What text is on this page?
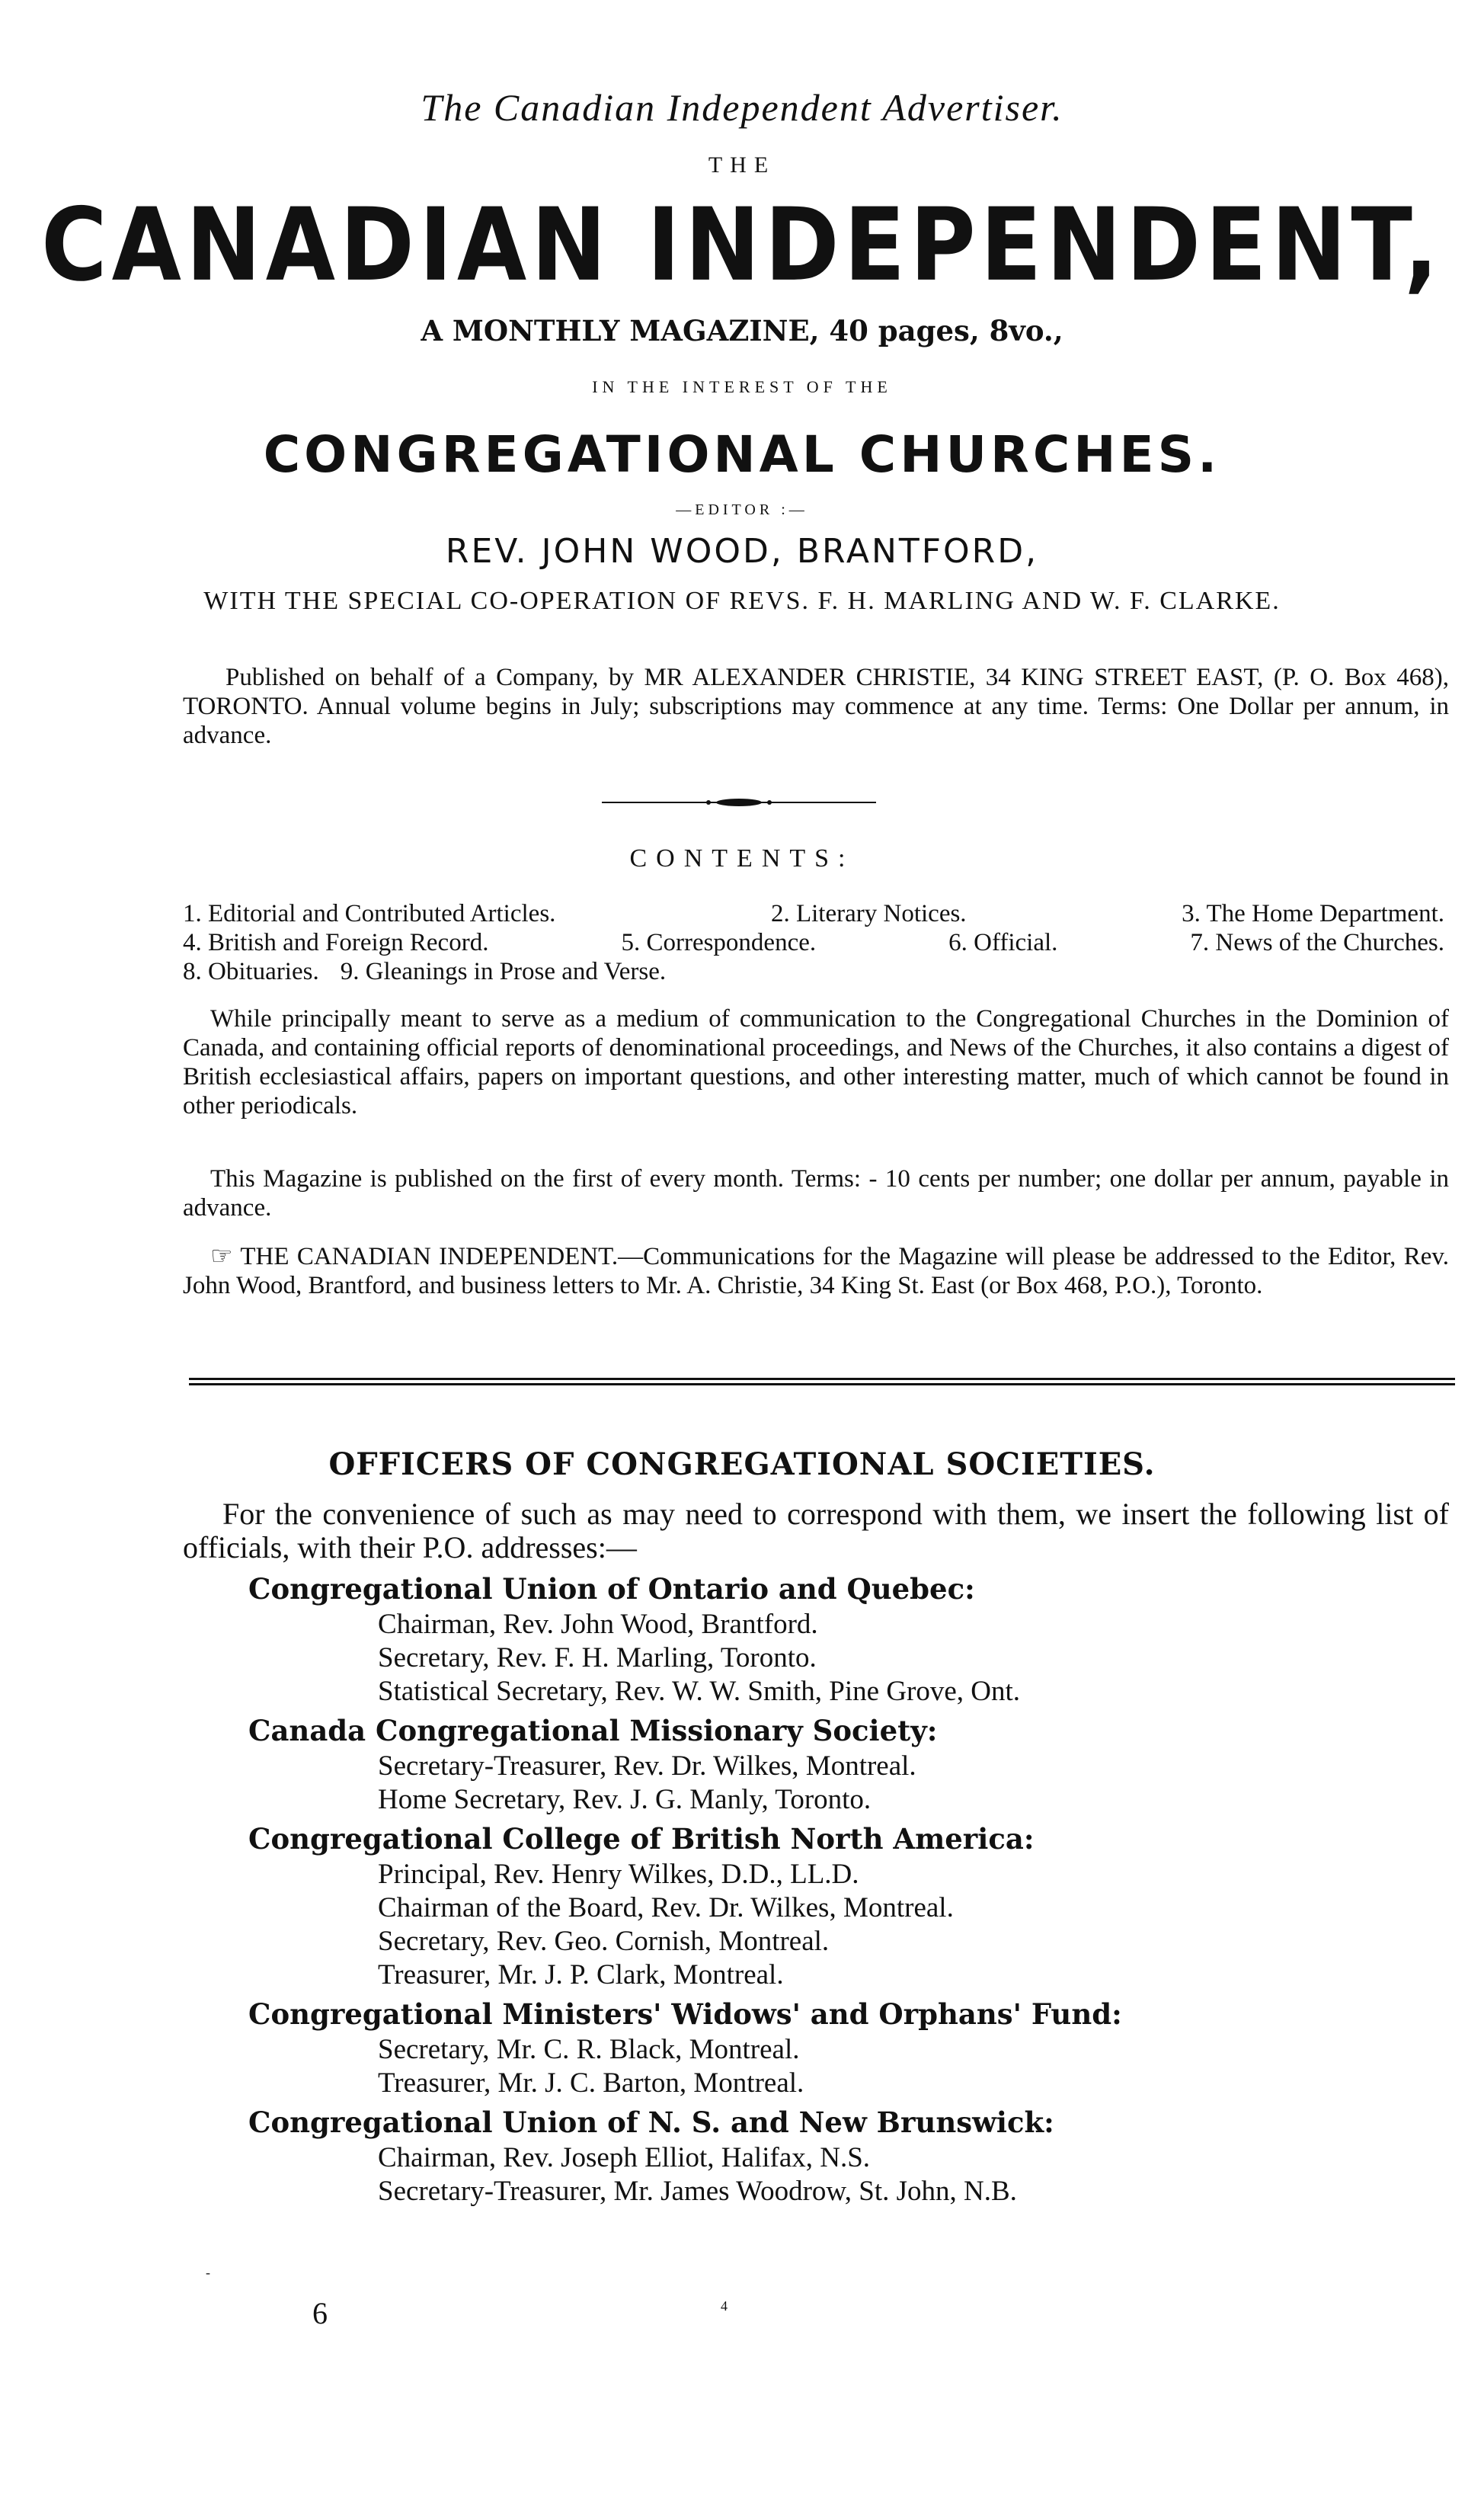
The Canadian Independent Advertiser.
THE
CANADIAN INDEPENDENT,
A MONTHLY MAGAZINE, 40 pages, 8vo.,
IN THE INTEREST OF THE
CONGREGATIONAL CHURCHES.
—EDITOR :—
REV. JOHN WOOD, BRANTFORD,
WITH THE SPECIAL CO-OPERATION OF REVS. F. H. MARLING AND W. F. CLARKE.

Published on behalf of a Company, by MR ALEXANDER CHRISTIE, 34 KING STREET EAST, (P. O. Box 468), TORONTO. Annual volume begins in July; subscriptions may commence at any time. Terms: One Dollar per annum, in advance.

CONTENTS:
1. Editorial and Contributed Articles.	2. Literary Notices.	3. The Home Department.
4. British and Foreign Record.	5. Correspondence.	6. Official.	7. News of the Churches.
8. Obituaries. 9. Gleanings in Prose and Verse.

While principally meant to serve as a medium of communication to the Congregational Churches in the Dominion of Canada, and containing official reports of denominational proceedings, and News of the Churches, it also contains a digest of British ecclesiastical affairs, papers on important questions, and other interesting matter, much of which cannot be found in other periodicals.

This Magazine is published on the first of every month. Terms: - 10 cents per number; one dollar per annum, payable in advance.

☞ THE CANADIAN INDEPENDENT.—Communications for the Magazine will please be addressed to the Editor, Rev. John Wood, Brantford, and business letters to Mr. A. Christie, 34 King St. East (or Box 468, P.O.), Toronto.

OFFICERS OF CONGREGATIONAL SOCIETIES.

For the convenience of such as may need to correspond with them, we insert the following list of officials, with their P.O. addresses:—

Congregational Union of Ontario and Quebec:
Chairman, Rev. John Wood, Brantford.
Secretary, Rev. F. H. Marling, Toronto.
Statistical Secretary, Rev. W. W. Smith, Pine Grove, Ont.
Canada Congregational Missionary Society:
Secretary-Treasurer, Rev. Dr. Wilkes, Montreal.
Home Secretary, Rev. J. G. Manly, Toronto.
Congregational College of British North America:
Principal, Rev. Henry Wilkes, D.D., LL.D.
Chairman of the Board, Rev. Dr. Wilkes, Montreal.
Secretary, Rev. Geo. Cornish, Montreal.
Treasurer, Mr. J. P. Clark, Montreal.
Congregational Ministers' Widows' and Orphans' Fund:
Secretary, Mr. C. R. Black, Montreal.
Treasurer, Mr. J. C. Barton, Montreal.
Congregational Union of N. S. and New Brunswick:
Chairman, Rev. Joseph Elliot, Halifax, N.S.
Secretary-Treasurer, Mr. James Woodrow, St. John, N.B.
-
6	4
